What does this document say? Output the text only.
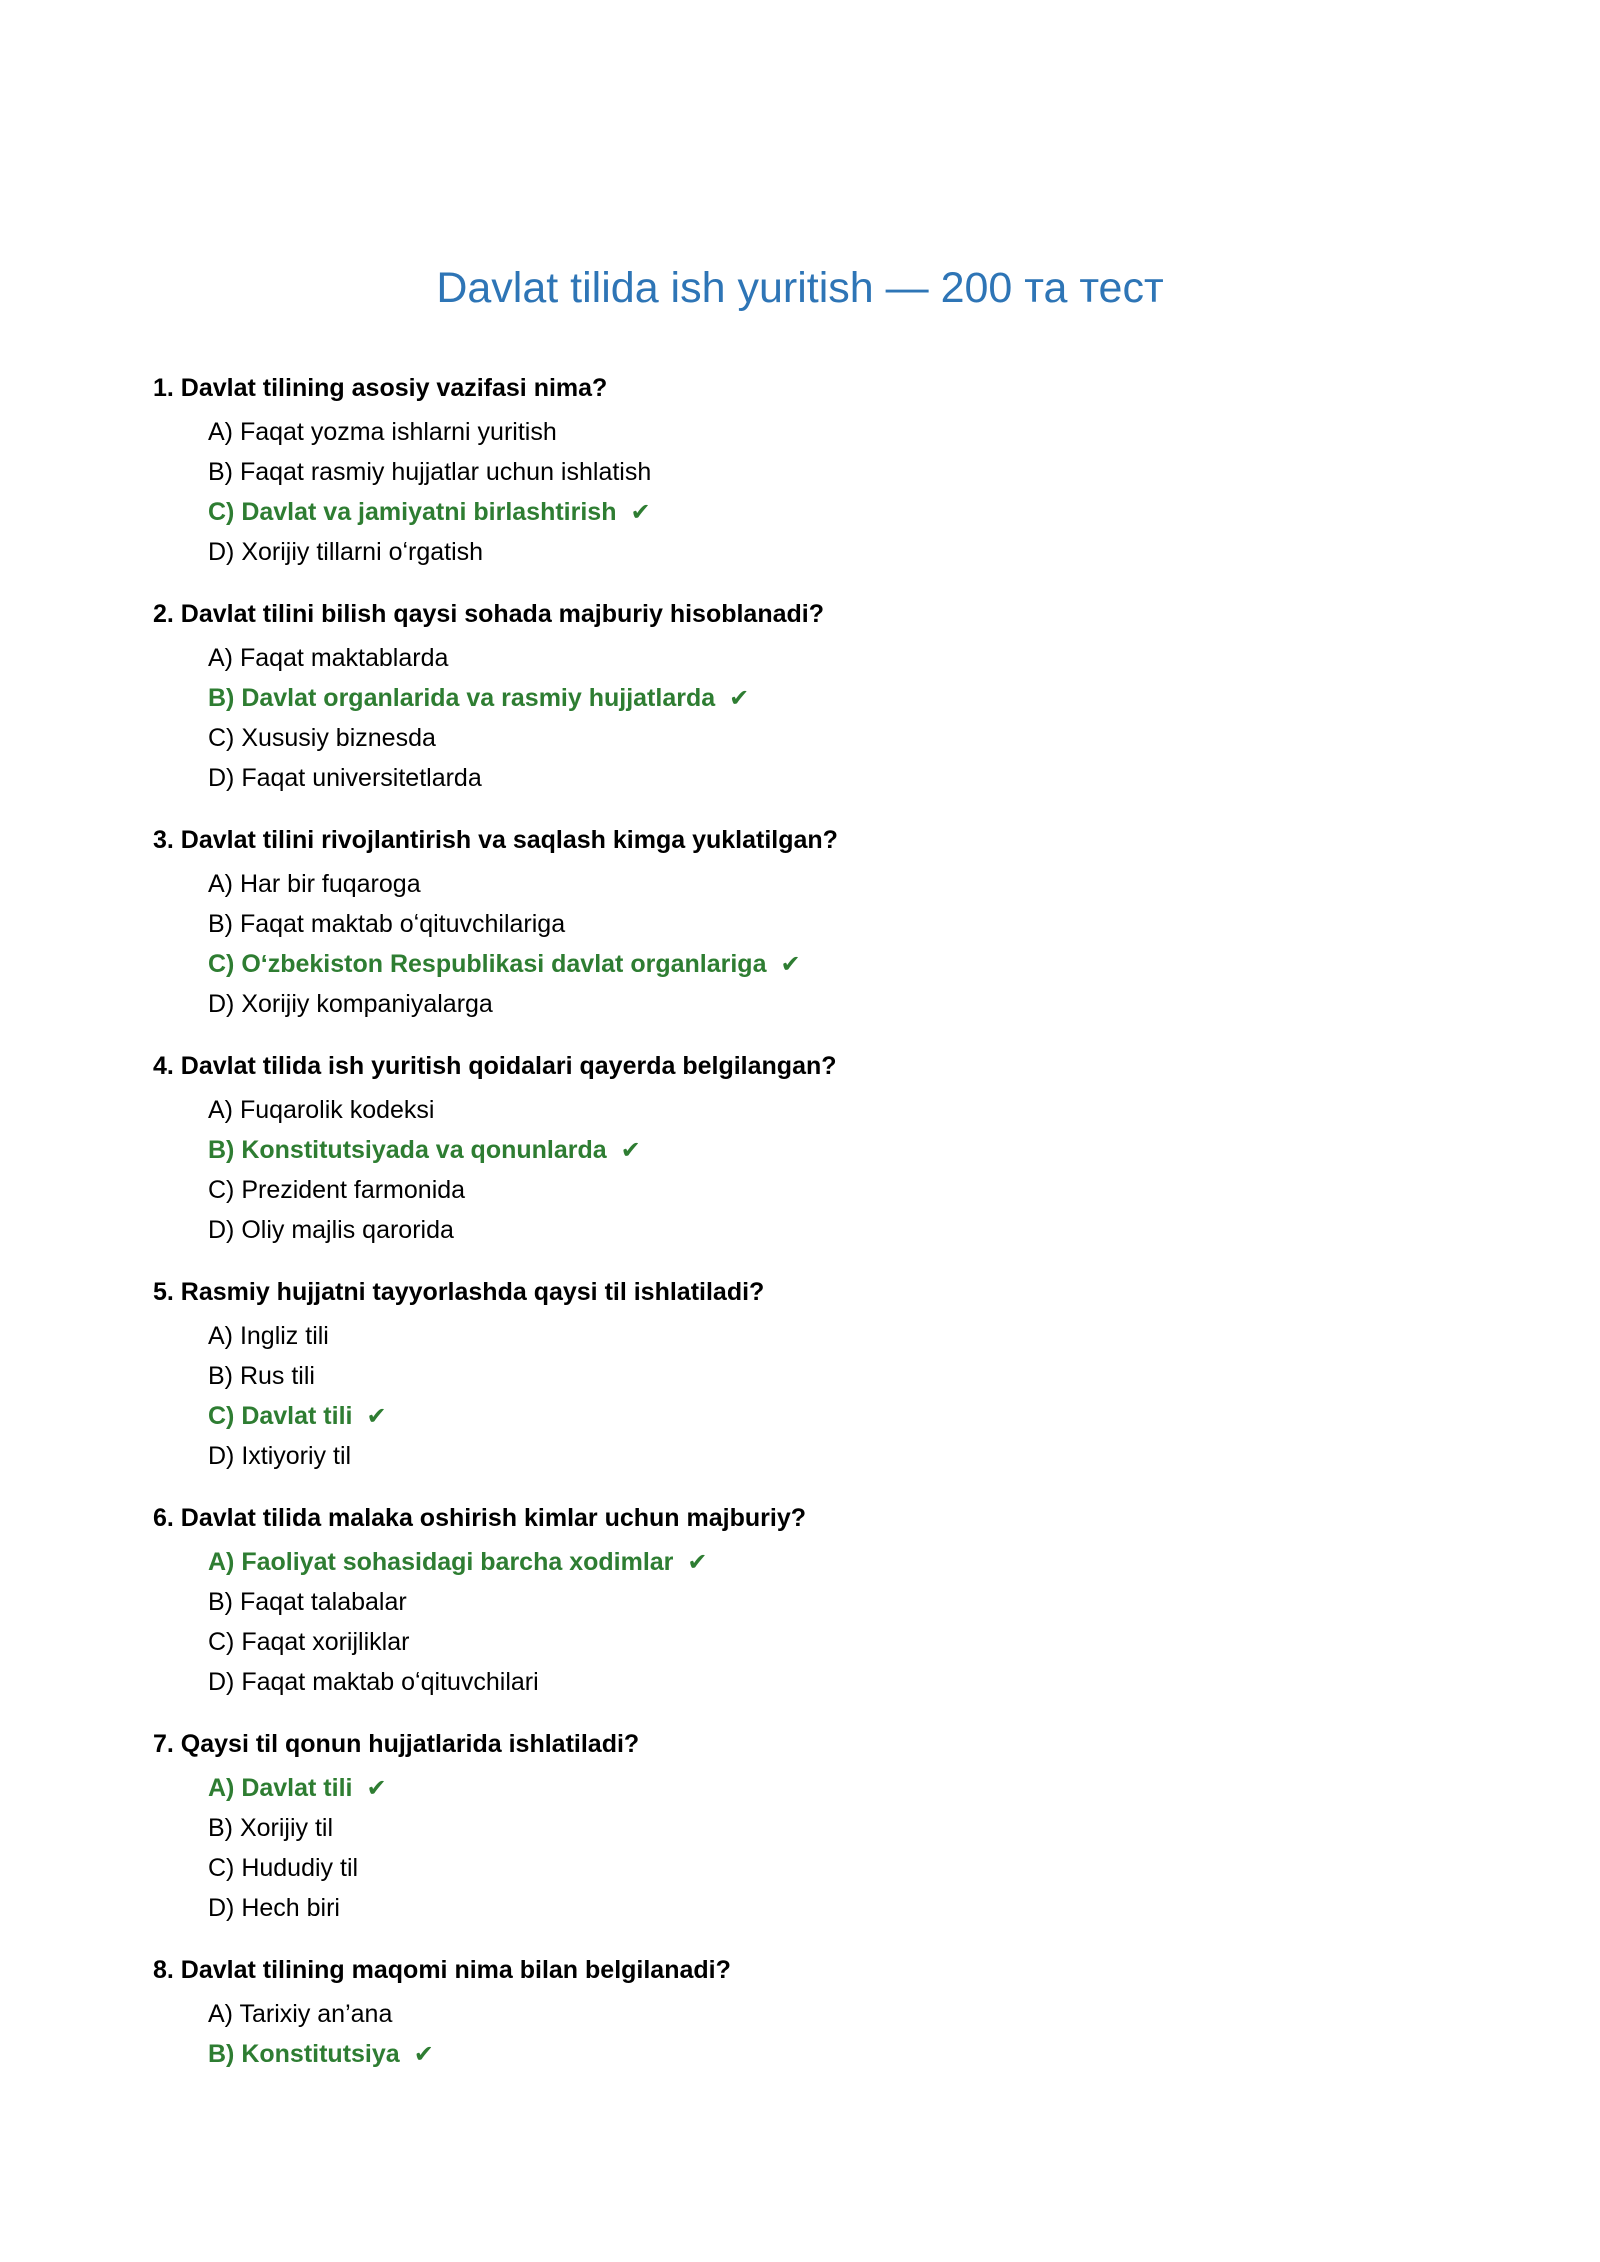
Davlat tilida ish yuritish — 200 та тест
1. Davlat tilining asosiy vazifasi nima?
A) Faqat yozma ishlarni yuritish
B) Faqat rasmiy hujjatlar uchun ishlatish
C) Davlat va jamiyatni birlashtirish ✔
D) Xorijiy tillarni oʻrgatish
2. Davlat tilini bilish qaysi sohada majburiy hisoblanadi?
A) Faqat maktablarda
B) Davlat organlarida va rasmiy hujjatlarda ✔
C) Xususiy biznesda
D) Faqat universitetlarda
3. Davlat tilini rivojlantirish va saqlash kimga yuklatilgan?
A) Har bir fuqaroga
B) Faqat maktab oʻqituvchilariga
C) Oʻzbekiston Respublikasi davlat organlariga ✔
D) Xorijiy kompaniyalarga
4. Davlat tilida ish yuritish qoidalari qayerda belgilangan?
A) Fuqarolik kodeksi
B) Konstitutsiyada va qonunlarda ✔
C) Prezident farmonida
D) Oliy majlis qarorida
5. Rasmiy hujjatni tayyorlashda qaysi til ishlatiladi?
A) Ingliz tili
B) Rus tili
C) Davlat tili ✔
D) Ixtiyoriy til
6. Davlat tilida malaka oshirish kimlar uchun majburiy?
A) Faoliyat sohasidagi barcha xodimlar ✔
B) Faqat talabalar
C) Faqat xorijliklar
D) Faqat maktab oʻqituvchilari
7. Qaysi til qonun hujjatlarida ishlatiladi?
A) Davlat tili ✔
B) Xorijiy til
C) Hududiy til
D) Hech biri
8. Davlat tilining maqomi nima bilan belgilanadi?
A) Tarixiy an’ana
B) Konstitutsiya ✔
